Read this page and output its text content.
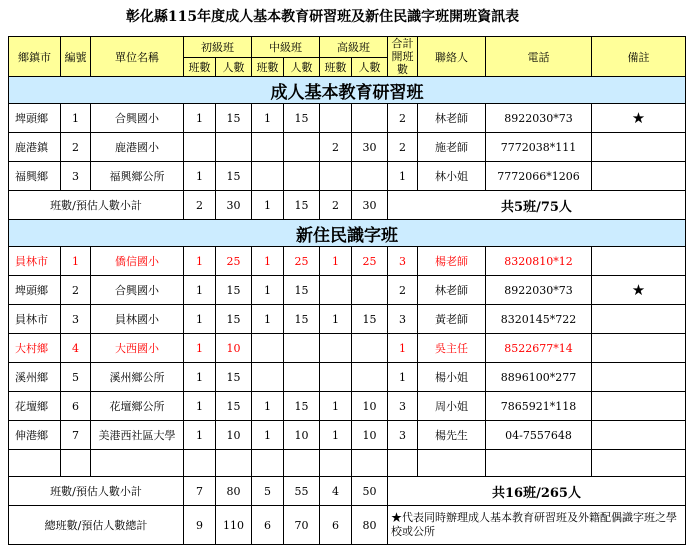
彰化縣115年度成人基本教育研習班及新住民識字班開班資訊表
鄉鎮市	編號	單位名稱	初級班		中級班		高級班		合計開班數	聯絡人	電話	備註
			班數	人數	班數	人數	班數	人數				
成人基本教育研習班												
埤頭鄉	1	合興國小	1	15	1	15			2	林老師	8922030*73	★
鹿港鎮	2	鹿港國小					2	30	2	施老師	7772038*111	
福興鄉	3	福興鄉公所	1	15					1	林小姐	7772066*1206	
班數/預估人數小計			2	30	1	15	2	30	共5班/75人			
新住民識字班												
員林市	1	僑信國小	1	25	1	25	1	25	3	楊老師	8320810*12	
埤頭鄉	2	合興國小	1	15	1	15			2	林老師	8922030*73	★
員林市	3	員林國小	1	15	1	15	1	15	3	黃老師	8320145*722	
大村鄉	4	大西國小	1	10					1	吳主任	8522677*14	
溪州鄉	5	溪州鄉公所	1	15					1	楊小姐	8896100*277	
花壇鄉	6	花壇鄉公所	1	15	1	15	1	10	3	周小姐	7865921*118	
伸港鄉	7	美港西社區大學	1	10	1	10	1	10	3	楊先生	04-7557648	

班數/預估人數小計			7	80	5	55	4	50	共16班/265人			
總班數/預估人數總計			9	110	6	70	6	80	★代表同時辦理成人基本教育研習班及外籍配偶識字班之學校或公所			
